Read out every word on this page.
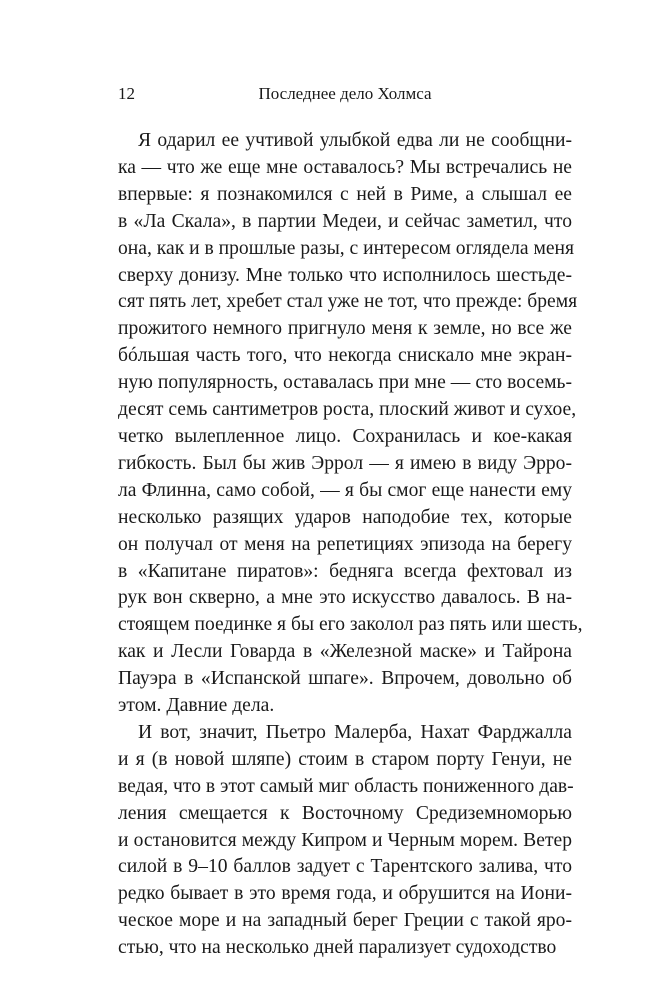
12	Последнее дело Холмса
Я одарил ее учтивой улыбкой едва ли не сообщни-
ка — что же еще мне оставалось? Мы встречались не
впервые: я познакомился с ней в Риме, а слышал ее
в «Ла Скала», в партии Медеи, и сейчас заметил, что
она, как и в прошлые разы, с интересом оглядела меня
сверху донизу. Мне только что исполнилось шестьде-
сят пять лет, хребет стал уже не тот, что прежде: бремя
прожитого немного пригнуло меня к земле, но все же
бóльшая часть того, что некогда снискало мне экран-
ную популярность, оставалась при мне — сто восемь-
десят семь сантиметров роста, плоский живот и сухое,
четко вылепленное лицо. Сохранилась и кое-какая
гибкость. Был бы жив Эррол — я имею в виду Эрро-
ла Флинна, само собой, — я бы смог еще нанести ему
несколько разящих ударов наподобие тех, которые
он получал от меня на репетициях эпизода на берегу
в «Капитане пиратов»: бедняга всегда фехтовал из
рук вон скверно, а мне это искусство давалось. В на-
стоящем поединке я бы его заколол раз пять или шесть,
как и Лесли Говарда в «Железной маске» и Тайрона
Пауэра в «Испанской шпаге». Впрочем, довольно об
этом. Давние дела.
И вот, значит, Пьетро Малерба, Нахат Фарджалла
и я (в новой шляпе) стоим в старом порту Генуи, не
ведая, что в этот самый миг область пониженного дав-
ления смещается к Восточному Средиземноморью
и остановится между Кипром и Черным морем. Ветер
силой в 9–10 баллов задует с Тарентского залива, что
редко бывает в это время года, и обрушится на Иони-
ческое море и на западный берег Греции с такой яро-
стью, что на несколько дней парализует судоходство
